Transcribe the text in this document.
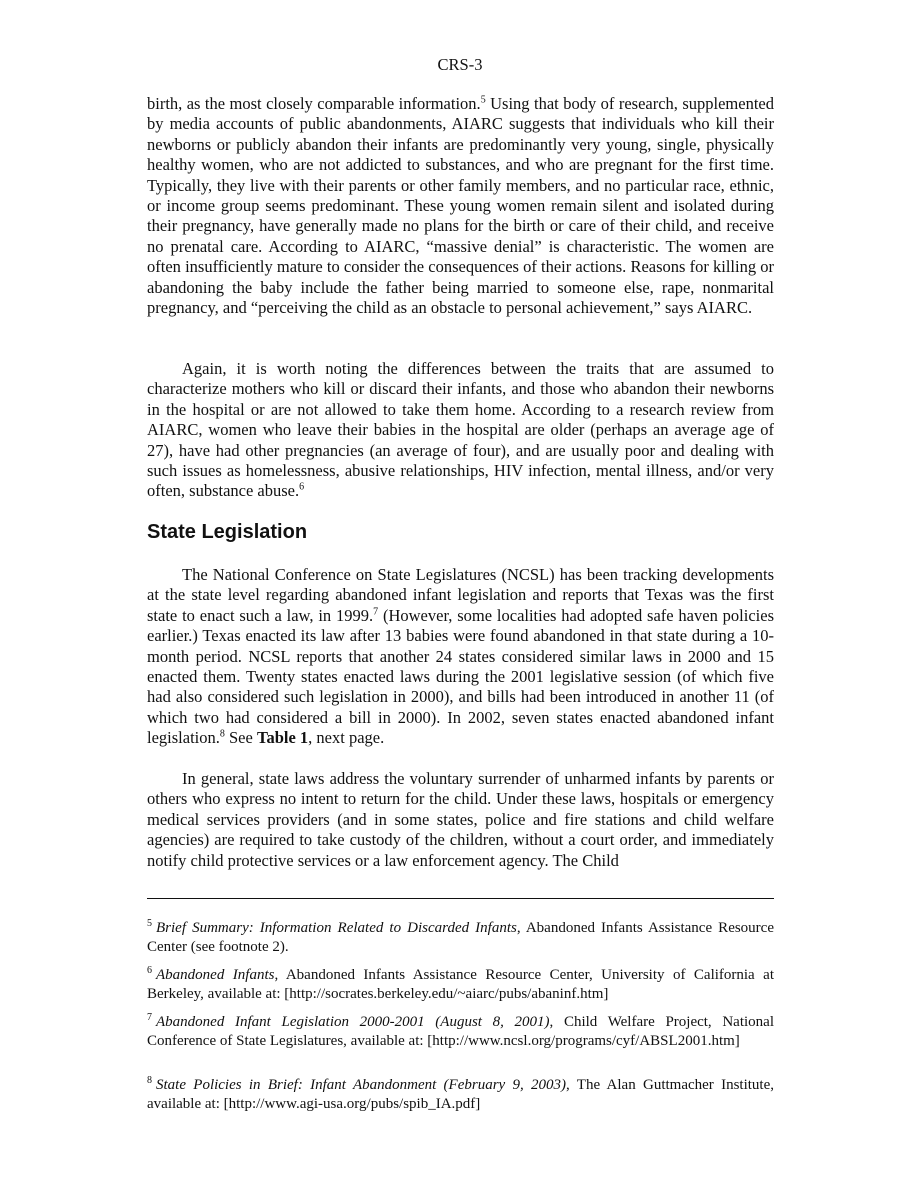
CRS-3
birth, as the most closely comparable information.$^5$ Using that body of research, supplemented by media accounts of public abandonments, AIARC suggests that individuals who kill their newborns or publicly abandon their infants are predominantly very young, single, physically healthy women, who are not addicted to substances, and who are pregnant for the first time. Typically, they live with their parents or other family members, and no particular race, ethnic, or income group seems predominant. These young women remain silent and isolated during their pregnancy, have generally made no plans for the birth or care of their child, and receive no prenatal care. According to AIARC, “massive denial” is characteristic. The women are often insufficiently mature to consider the consequences of their actions. Reasons for killing or abandoning the baby include the father being married to someone else, rape, nonmarital pregnancy, and “perceiving the child as an obstacle to personal achievement,” says AIARC.
Again, it is worth noting the differences between the traits that are assumed to characterize mothers who kill or discard their infants, and those who abandon their newborns in the hospital or are not allowed to take them home. According to a research review from AIARC, women who leave their babies in the hospital are older (perhaps an average age of 27), have had other pregnancies (an average of four), and are usually poor and dealing with such issues as homelessness, abusive relationships, HIV infection, mental illness, and/or very often, substance abuse.$^6$
State Legislation
The National Conference on State Legislatures (NCSL) has been tracking developments at the state level regarding abandoned infant legislation and reports that Texas was the first state to enact such a law, in 1999.$^7$ (However, some localities had adopted safe haven policies earlier.) Texas enacted its law after 13 babies were found abandoned in that state during a 10-month period. NCSL reports that another 24 states considered similar laws in 2000 and 15 enacted them. Twenty states enacted laws during the 2001 legislative session (of which five had also considered such legislation in 2000), and bills had been introduced in another 11 (of which two had considered a bill in 2000). In 2002, seven states enacted abandoned infant legislation.$^8$ See Table 1, next page.
In general, state laws address the voluntary surrender of unharmed infants by parents or others who express no intent to return for the child. Under these laws, hospitals or emergency medical services providers (and in some states, police and fire stations and child welfare agencies) are required to take custody of the children, without a court order, and immediately notify child protective services or a law enforcement agency. The Child
$^5$ Brief Summary: Information Related to Discarded Infants, Abandoned Infants Assistance Resource Center (see footnote 2).
$^6$ Abandoned Infants, Abandoned Infants Assistance Resource Center, University of California at Berkeley, available at: [http://socrates.berkeley.edu/~aiarc/pubs/abaninf.htm]
$^7$ Abandoned Infant Legislation 2000-2001 (August 8, 2001), Child Welfare Project, National Conference of State Legislatures, available at: [http://www.ncsl.org/programs/cyf/ABSL2001.htm]
$^8$ State Policies in Brief: Infant Abandonment (February 9, 2003), The Alan Guttmacher Institute, available at: [http://www.agi-usa.org/pubs/spib_IA.pdf]
